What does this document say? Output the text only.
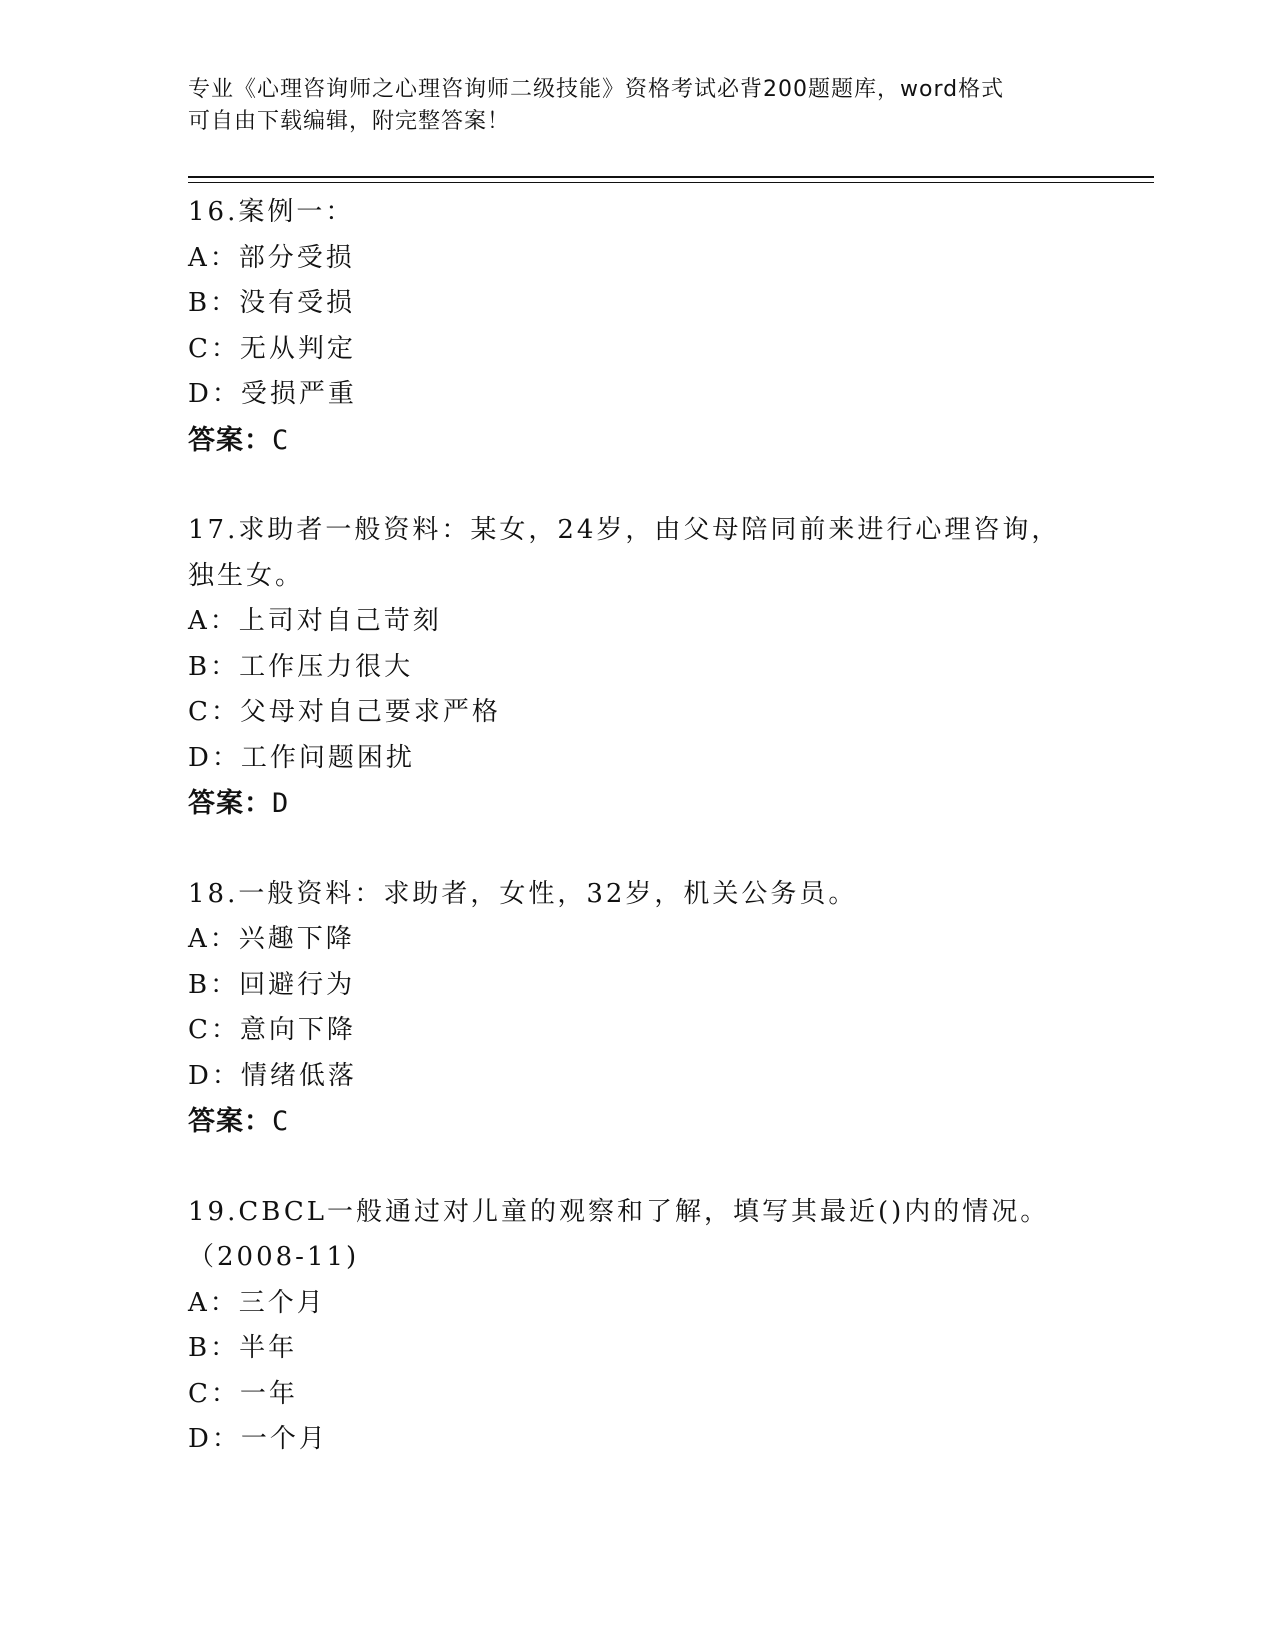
专业《心理咨询师之心理咨询师二级技能》资格考试必背200题题库，word格式
可自由下载编辑，附完整答案！
16.案例一：
A：部分受损
B：没有受损
C：无从判定
D：受损严重
答案：C
17.求助者一般资料：某女，24岁，由父母陪同前来进行心理咨询，独生女。
A：上司对自己苛刻
B：工作压力很大
C：父母对自己要求严格
D：工作问题困扰
答案：D
18.一般资料：求助者，女性，32岁，机关公务员。
A：兴趣下降
B：回避行为
C：意向下降
D：情绪低落
答案：C
19.CBCL一般通过对儿童的观察和了解，填写其最近()内的情况。（2008-11)
A：三个月
B：半年
C：一年
D：一个月
